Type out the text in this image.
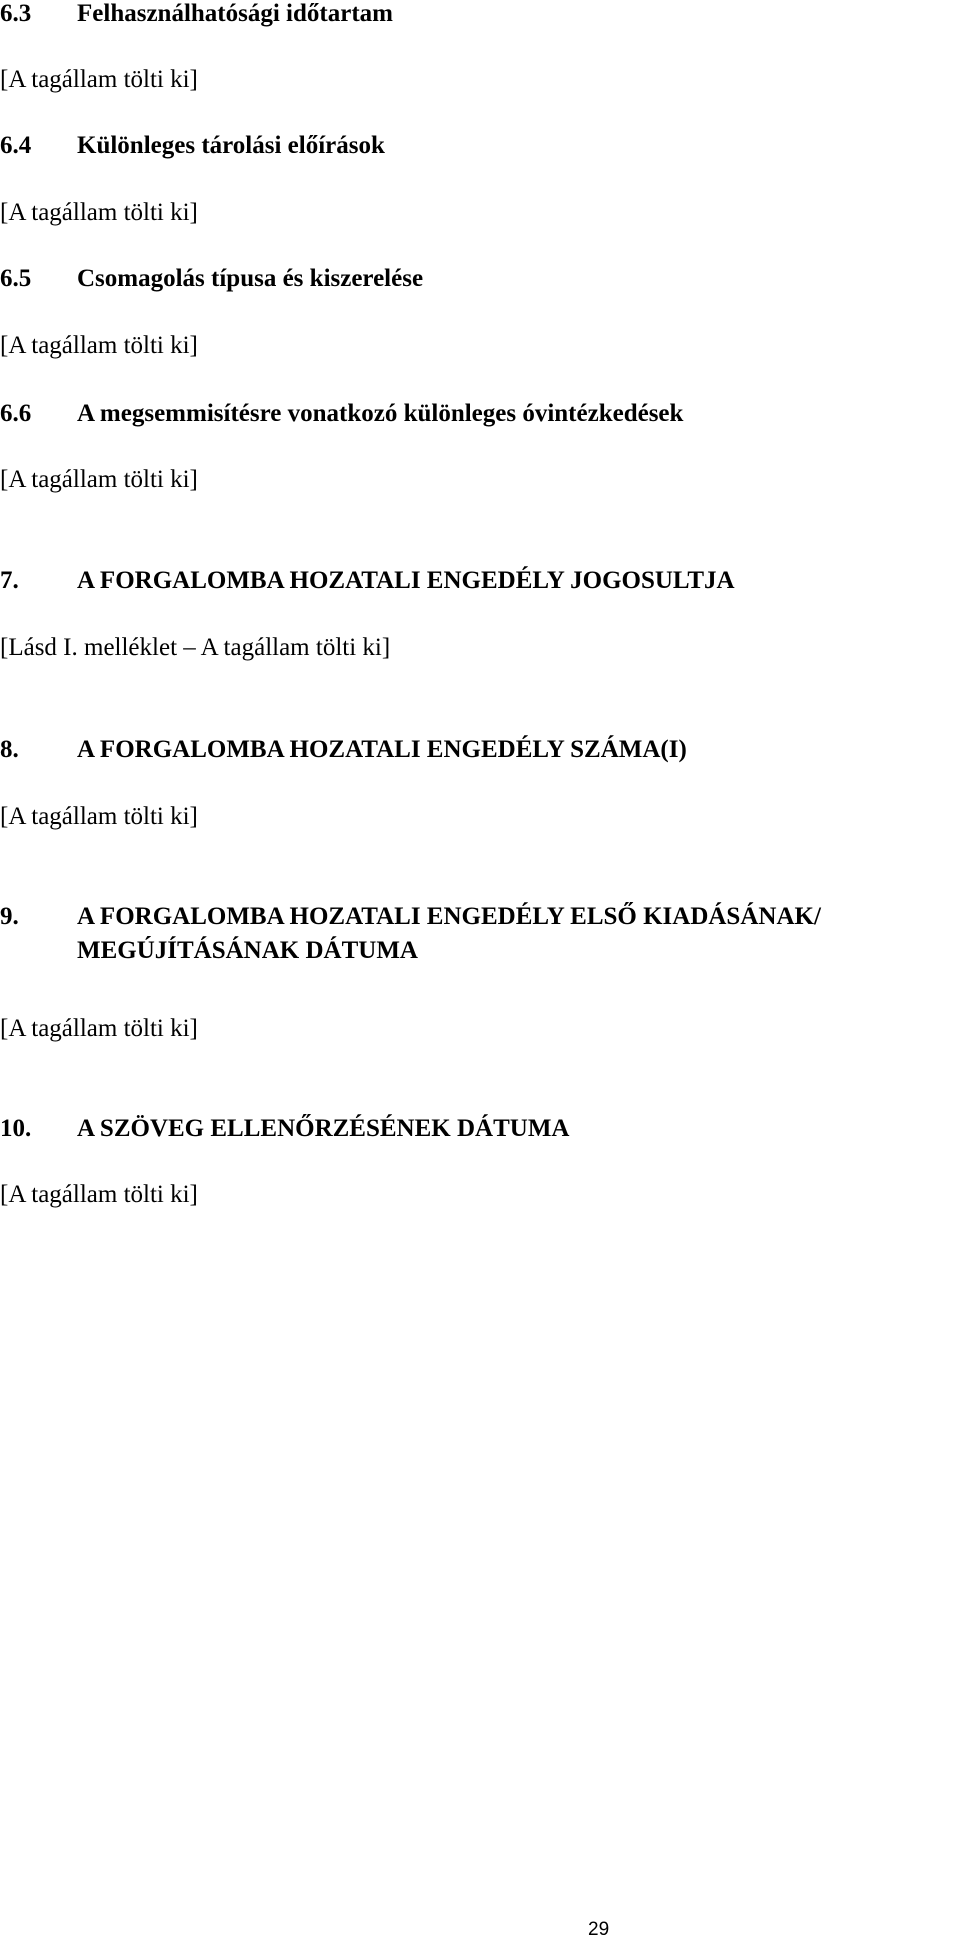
6.3 Felhasználhatósági időtartam
[A tagállam tölti ki]
6.4 Különleges tárolási előírások
[A tagállam tölti ki]
6.5 Csomagolás típusa és kiszerelése
[A tagállam tölti ki]
6.6 A megsemmisítésre vonatkozó különleges óvintézkedések
[A tagállam tölti ki]
7. A FORGALOMBA HOZATALI ENGEDÉLY JOGOSULTJA
[Lásd I. melléklet – A tagállam tölti ki]
8. A FORGALOMBA HOZATALI ENGEDÉLY SZÁMA(I)
[A tagállam tölti ki]
9. A FORGALOMBA HOZATALI ENGEDÉLY ELSŐ KIADÁSÁNAK/
MEGÚJÍTÁSÁNAK DÁTUMA
[A tagállam tölti ki]
10. A SZÖVEG ELLENŐRZÉSÉNEK DÁTUMA
[A tagállam tölti ki]
29
